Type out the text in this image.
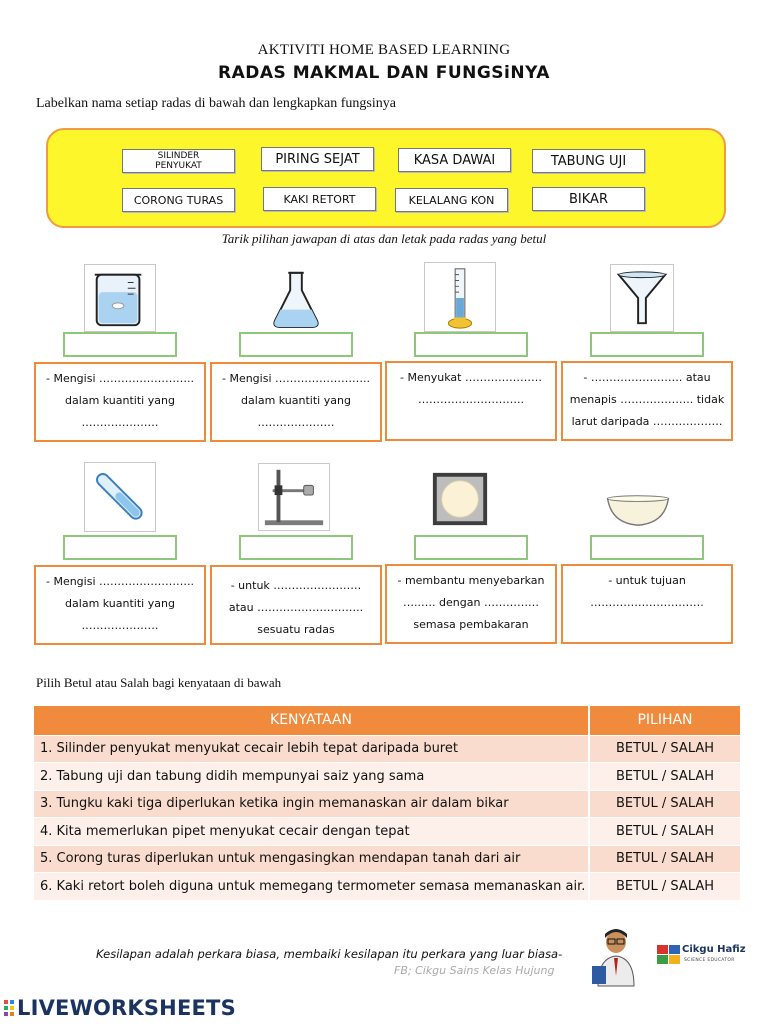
AKTIVITI HOME BASED LEARNING
RADAS MAKMAL DAN FUNGSiNYA
Labelkan nama setiap radas di bawah dan lengkapkan fungsinya
SILINDER PENYUKAT	PIRING SEJAT	KASA DAWAI	TABUNG UJI
CORONG TURAS	KAKI RETORT	KELALANG KON	BIKAR
Tarik pilihan jawapan di atas dan letak pada radas yang betul
- Mengisi ……………………..
dalam kuantiti yang
…………………
- Mengisi ……………………..
dalam kuantiti yang
…………………
- Menyukat …………………
………………………..
- ……………………. atau
menapis ……………….. tidak
larut daripada ……………….
- Mengisi ……………………..
dalam kuantiti yang
…………………
- untuk ……………………
atau ………………………..
sesuatu radas
- membantu menyebarkan
…..…. dengan ……………
semasa pembakaran
- untuk tujuan
………………………….
Pilih Betul atau Salah bagi kenyataan di bawah
KENYATAAN	PILIHAN
1. Silinder penyukat menyukat cecair lebih tepat daripada buret	BETUL / SALAH
2. Tabung uji dan tabung didih mempunyai saiz yang sama	BETUL / SALAH
3. Tungku kaki tiga diperlukan ketika ingin memanaskan air dalam bikar	BETUL / SALAH
4. Kita memerlukan pipet menyukat cecair dengan tepat	BETUL / SALAH
5. Corong turas diperlukan untuk mengasingkan mendapan tanah dari air	BETUL / SALAH
6. Kaki retort boleh diguna untuk memegang termometer semasa memanaskan air.	BETUL / SALAH
Kesilapan adalah perkara biasa, membaiki kesilapan itu perkara yang luar biasa-
FB; Cikgu Sains Kelas Hujung
Cikgu Hafiz
SCIENCE EDUCATOR
LIVEWORKSHEETS
